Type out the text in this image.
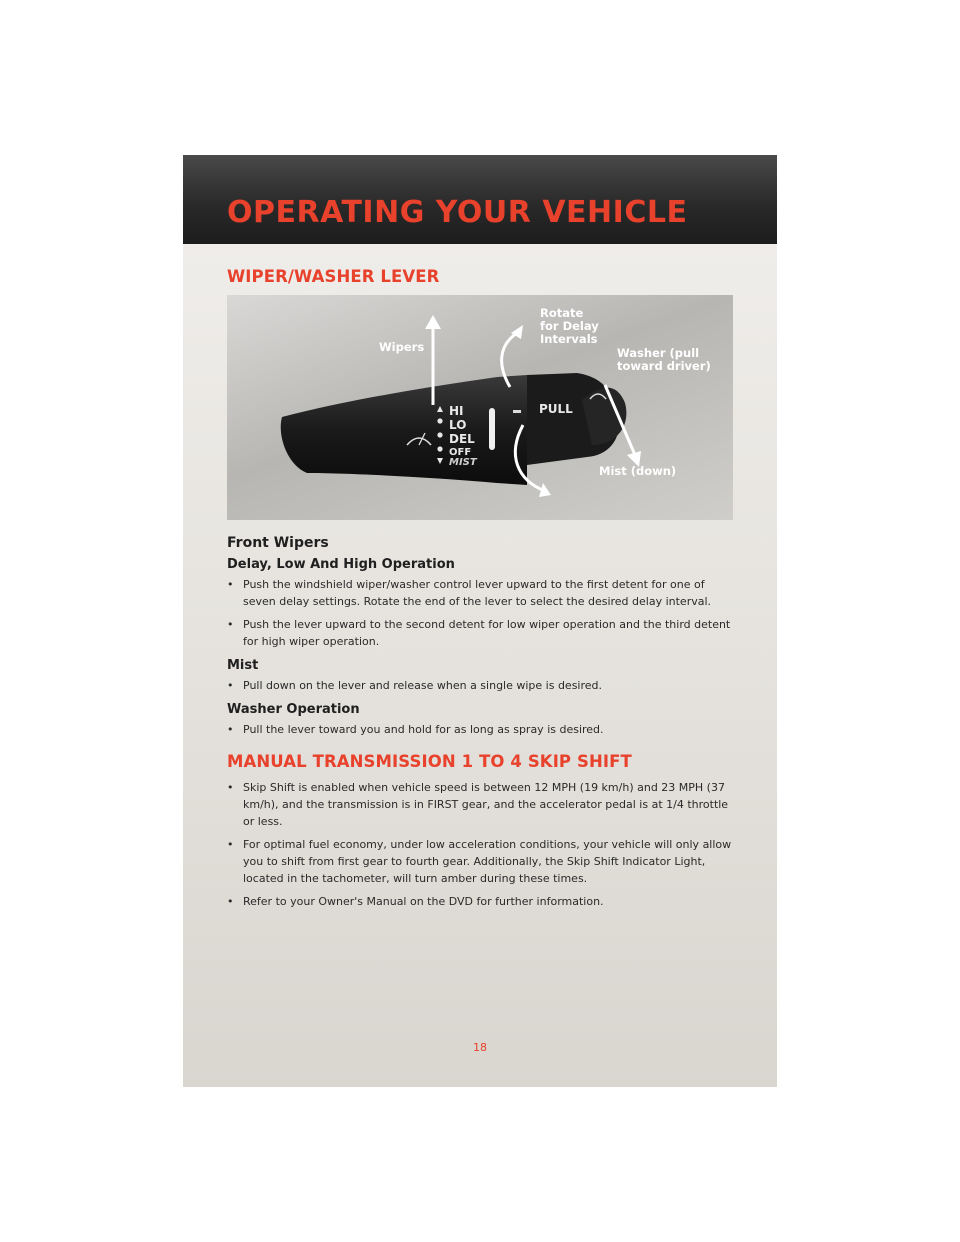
OPERATING YOUR VEHICLE
WIPER/WASHER LEVER
HI
LO
DEL
OFF
MIST
PULL
Wipers
Rotate
for Delay
Intervals
Washer (pull
toward driver)
Mist (down)
Front Wipers
Delay, Low And High Operation

• Push the windshield wiper/washer control lever upward to the first detent for one of seven delay settings. Rotate the end of the lever to select the desired delay interval.

• Push the lever upward to the second detent for low wiper operation and the third detent for high wiper operation.

Mist

• Pull down on the lever and release when a single wipe is desired.

Washer Operation

• Pull the lever toward you and hold for as long as spray is desired.

MANUAL TRANSMISSION 1 TO 4 SKIP SHIFT

• Skip Shift is enabled when vehicle speed is between 12 MPH (19 km/h) and 23 MPH (37 km/h), and the transmission is in FIRST gear, and the accelerator pedal is at 1/4 throttle or less.

• For optimal fuel economy, under low acceleration conditions, your vehicle will only allow you to shift from first gear to fourth gear. Additionally, the Skip Shift Indicator Light, located in the tachometer, will turn amber during these times.

• Refer to your Owner's Manual on the DVD for further information.

18
